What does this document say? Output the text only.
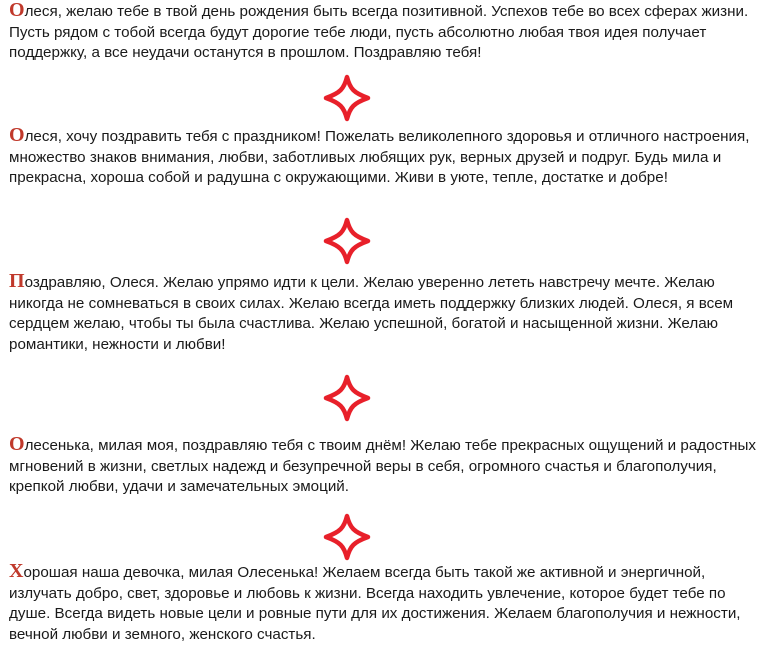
Олеся, желаю тебе в твой день рождения быть всегда позитивной. Успехов тебе во всех сферах жизни. Пусть рядом с тобой всегда будут дорогие тебе люди, пусть абсолютно любая твоя идея получает поддержку, а все неудачи останутся в прошлом. Поздравляю тебя!

Олеся, хочу поздравить тебя с праздником! Пожелать великолепного здоровья и отличного настроения, множество знаков внимания, любви, заботливых любящих рук, верных друзей и подруг. Будь мила и прекрасна, хороша собой и радушна с окружающими. Живи в уюте, тепле, достатке и добре!

Поздравляю, Олеся. Желаю упрямо идти к цели. Желаю уверенно лететь навстречу мечте. Желаю никогда не сомневаться в своих силах. Желаю всегда иметь поддержку близких людей. Олеся, я всем сердцем желаю, чтобы ты была счастлива. Желаю успешной, богатой и насыщенной жизни. Желаю романтики, нежности и любви!

Олесенька, милая моя, поздравляю тебя с твоим днём! Желаю тебе прекрасных ощущений и радостных мгновений в жизни, светлых надежд и безупречной веры в себя, огромного счастья и благополучия, крепкой любви, удачи и замечательных эмоций.

Хорошая наша девочка, милая Олесенька! Желаем всегда быть такой же активной и энергичной, излучать добро, свет, здоровье и любовь к жизни. Всегда находить увлечение, которое будет тебе по душе. Всегда видеть новые цели и ровные пути для их достижения. Желаем благополучия и нежности, вечной любви и земного, женского счастья.
